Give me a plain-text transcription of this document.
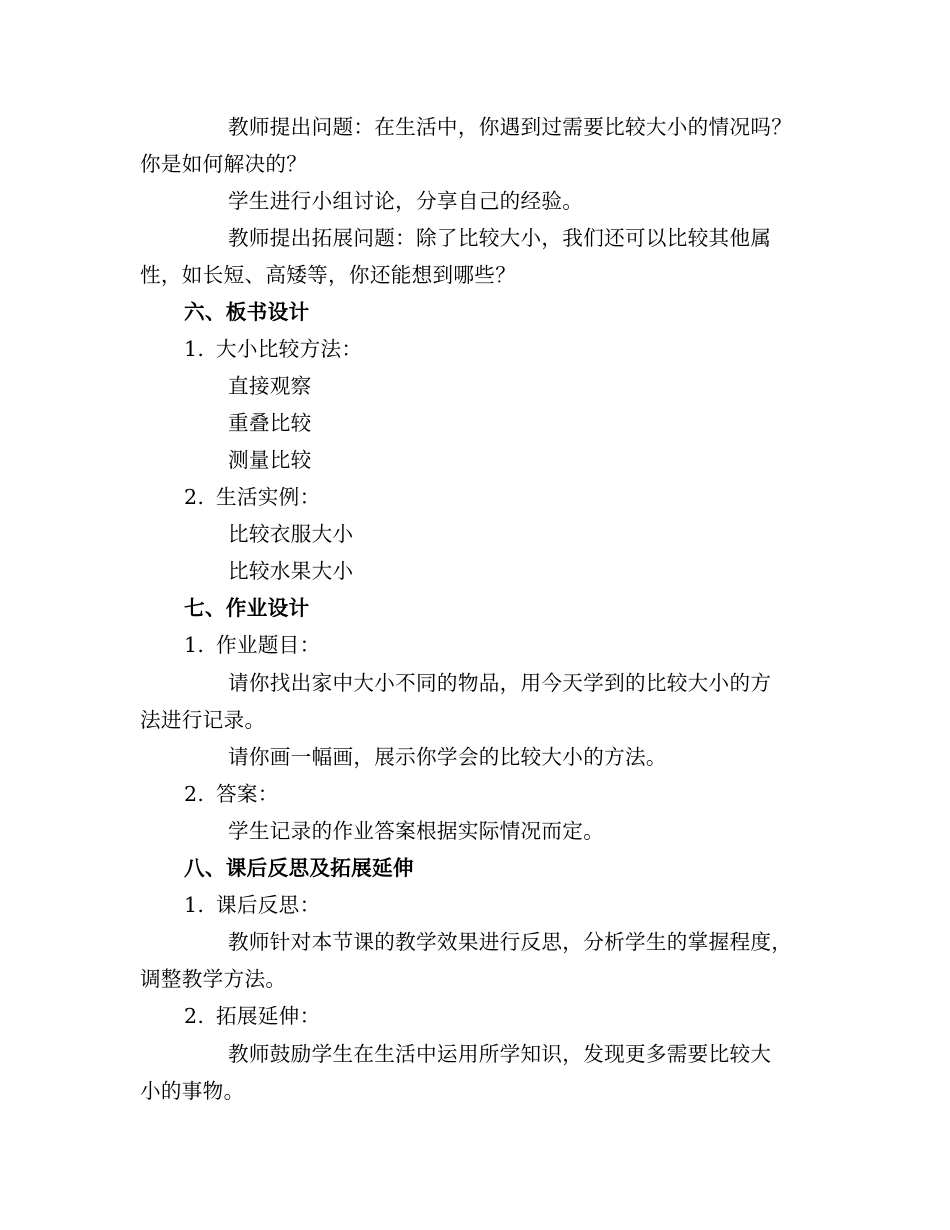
教师提出问题：在生活中，你遇到过需要比较大小的情况吗？
你是如何解决的？
学生进行小组讨论，分享自己的经验。
教师提出拓展问题：除了比较大小，我们还可以比较其他属
性，如长短、高矮等，你还能想到哪些？
六、板书设计
1. 大小比较方法：
直接观察
重叠比较
测量比较
2. 生活实例：
比较衣服大小
比较水果大小
七、作业设计
1. 作业题目：
请你找出家中大小不同的物品，用今天学到的比较大小的方
法进行记录。
请你画一幅画，展示你学会的比较大小的方法。
2. 答案：
学生记录的作业答案根据实际情况而定。
八、课后反思及拓展延伸
1. 课后反思：
教师针对本节课的教学效果进行反思，分析学生的掌握程度，
调整教学方法。
2. 拓展延伸：
教师鼓励学生在生活中运用所学知识，发现更多需要比较大
小的事物。
